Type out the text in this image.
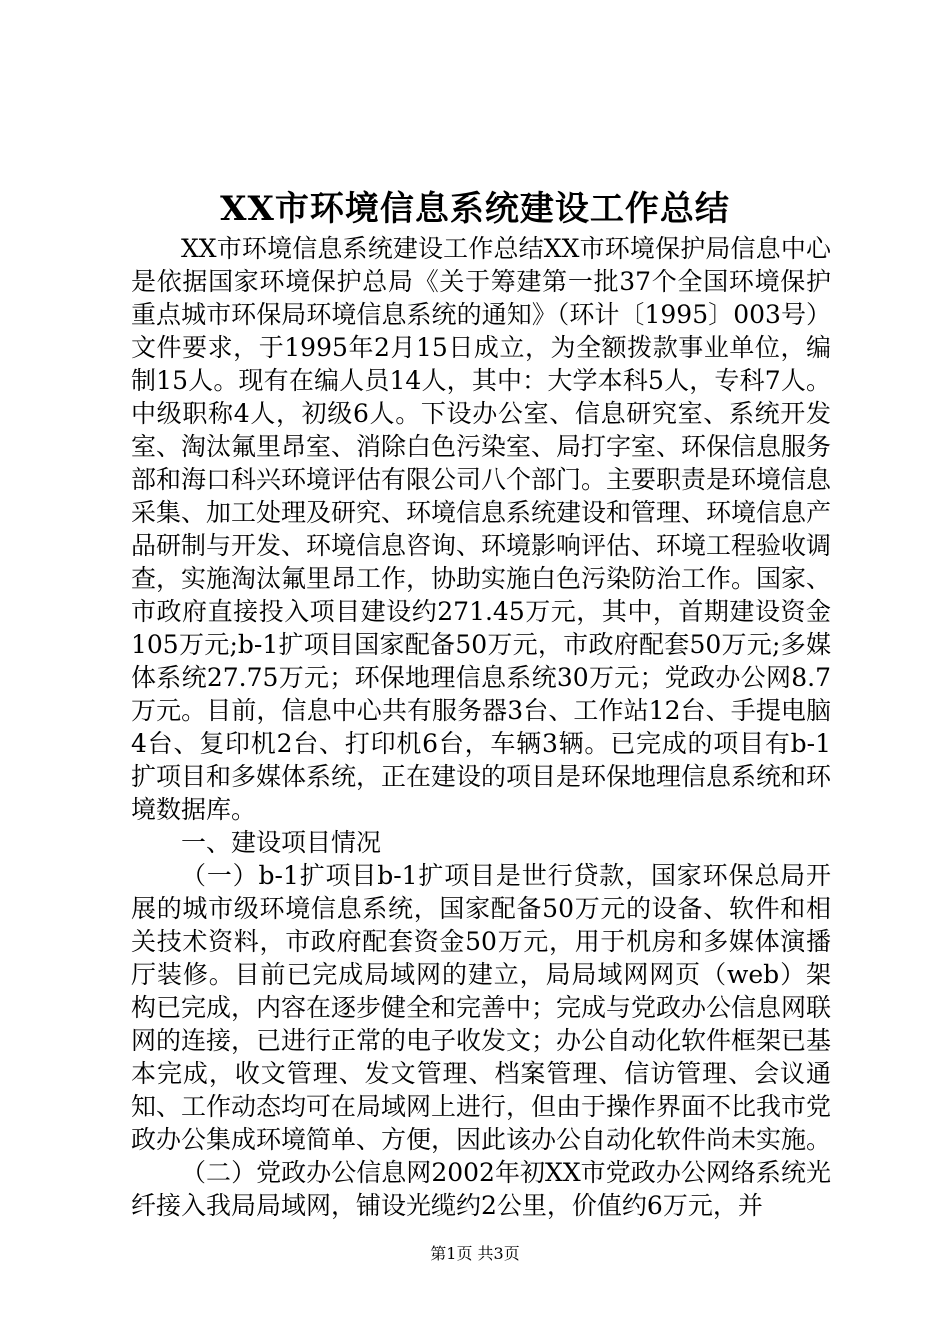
XX市环境信息系统建设工作总结

XX市环境信息系统建设工作总结XX市环境保护局信息中心是依据国家环境保护总局《关于筹建第一批37个全国环境保护重点城市环保局环境信息系统的通知》（环计〔1995〕003号）文件要求，于1995年2月15日成立，为全额拨款事业单位，编制15人。现有在编人员14人，其中：大学本科5人，专科7人。中级职称4人，初级6人。下设办公室、信息研究室、系统开发室、淘汰氟里昂室、消除白色污染室、局打字室、环保信息服务部和海口科兴环境评估有限公司八个部门。主要职责是环境信息采集、加工处理及研究、环境信息系统建设和管理、环境信息产品研制与开发、环境信息咨询、环境影响评估、环境工程验收调查，实施淘汰氟里昂工作，协助实施白色污染防治工作。国家、市政府直接投入项目建设约271.45万元，其中，首期建设资金105万元;b-1扩项目国家配备50万元，市政府配套50万元;多媒体系统27.75万元；环保地理信息系统30万元；党政办公网8.7万元。目前，信息中心共有服务器3台、工作站12台、手提电脑4台、复印机2台、打印机6台，车辆3辆。已完成的项目有b-1扩项目和多媒体系统，正在建设的项目是环保地理信息系统和环境数据库。

一、建设项目情况

（一）b-1扩项目b-1扩项目是世行贷款，国家环保总局开展的城市级环境信息系统，国家配备50万元的设备、软件和相关技术资料，市政府配套资金50万元，用于机房和多媒体演播厅装修。目前已完成局域网的建立，局局域网网页（web）架构已完成，内容在逐步健全和完善中；完成与党政办公信息网联网的连接，已进行正常的电子收发文；办公自动化软件框架已基本完成，收文管理、发文管理、档案管理、信访管理、会议通知、工作动态均可在局域网上进行，但由于操作界面不比我市党政办公集成环境简单、方便，因此该办公自动化软件尚未实施。

（二）党政办公信息网2002年初XX市党政办公网络系统光纤接入我局局域网，铺设光缆约2公里，价值约6万元，并

第1页 共3页
